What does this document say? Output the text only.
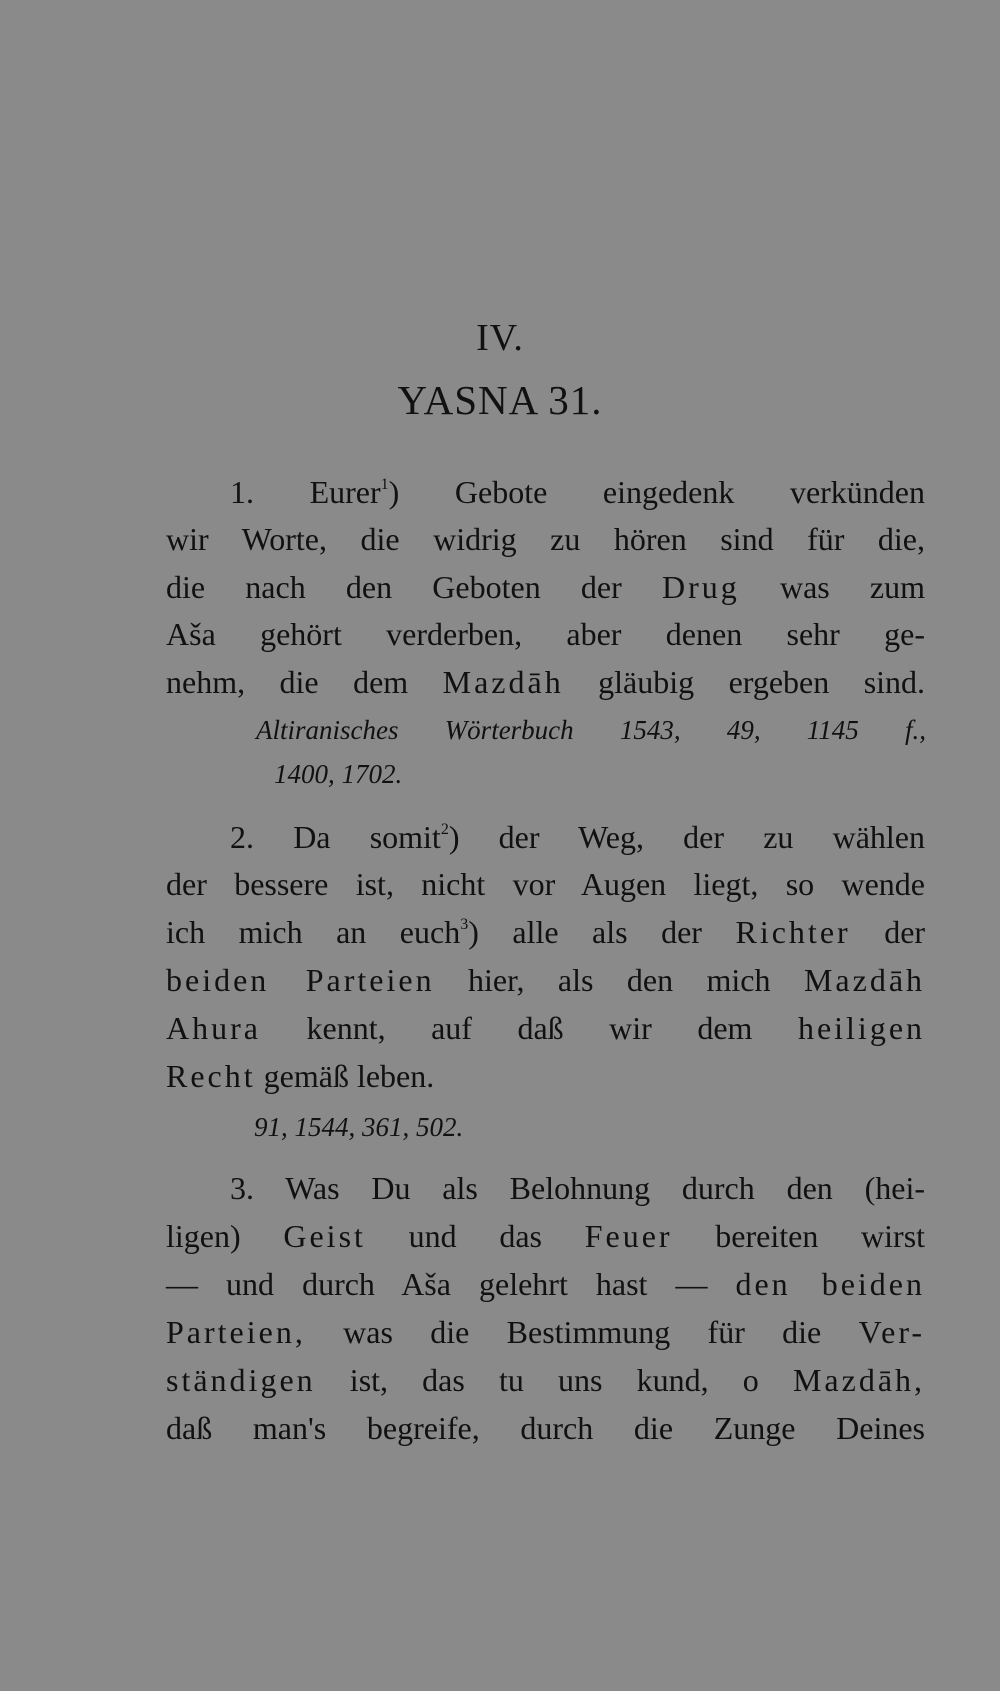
IV.
YASNA 31.
1. Eurer$^1$) Gebote eingedenk verkünden
wir Worte, die widrig zu hören sind für die,
die nach den Geboten der Drug was zum
Aša gehört verderben, aber denen sehr ge-
nehm, die dem Mazdāh gläubig ergeben sind.
Altiranisches Wörterbuch 1543, 49, 1145 f.,
1400, 1702.
2. Da somit$^2$) der Weg, der zu wählen
der bessere ist, nicht vor Augen liegt, so wende
ich mich an euch$^3$) alle als der Richter der
beiden Parteien hier, als den mich Mazdāh
Ahura kennt, auf daß wir dem heiligen
Recht gemäß leben.
91, 1544, 361, 502.
3. Was Du als Belohnung durch den (hei-
ligen) Geist und das Feuer bereiten wirst
— und durch Aša gelehrt hast — den beiden
Parteien, was die Bestimmung für die Ver-
ständigen ist, das tu uns kund, o Mazdāh,
daß man's begreife, durch die Zunge Deines
